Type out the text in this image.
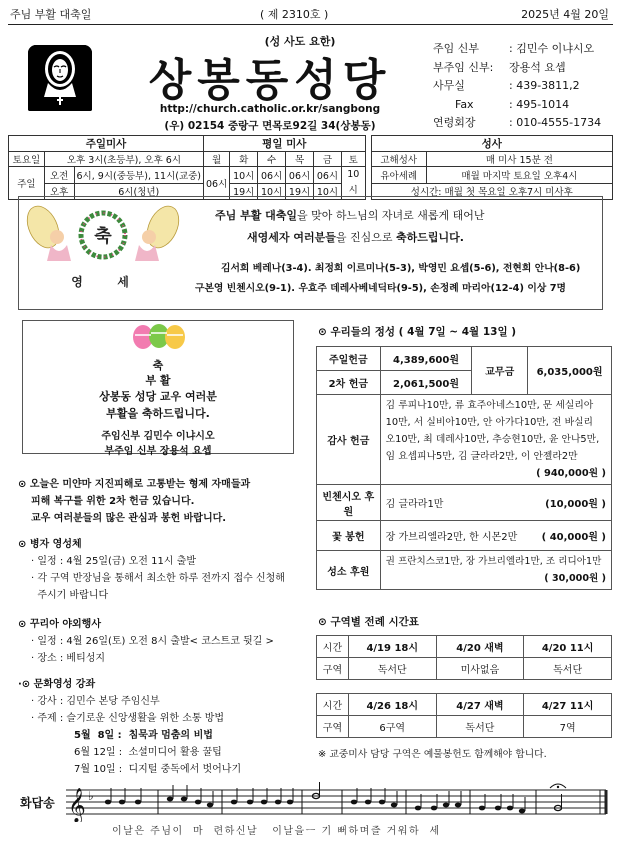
주님 부활 대축일	( 제 2310호 )	2025년 4월 20일
(성 사도 요한)
상봉동성당
http://church.catholic.or.kr/sangbong
(우) 02154 중랑구 면목로92길 34(상봉동)
주임 신부	: 김민수 이냐시오
부주임 신부: 장용석 요셉
사무실	: 439-3811,2
Fax	: 495-1014
연령회장	: 010-4555-1734
주일미사			평일 미사							성사	
토요일	오후 3시(초등부), 오후 6시		월	화	수	목	금	토		고해성사	매 미사 15분 전
주일	오전	6시, 9시(중등부), 11시(교중)	06시	10시	06시	06시	06시	10 시		유아세례	매월 마지막 토요일 오후4시
	오후	6시(청년)		19시	10시	19시	10시			성시간: 매월 첫 목요일 오후7시 미사후	
축
영	세
주님 부활 대축일을 맞아 하느님의 자녀로 새롭게 태어난
새영세자 여러분들을 진심으로 축하드립니다.
김서희 베레나(3-4). 최정희 이르미나(5-3), 박영민 요셉(5-6), 전현희 안나(8-6)
구본영 빈첸시오(9-1). 우효주 데레사베네딕타(9-5), 손정례 마리아(12-4) 이상 7명
축
부 활
상봉동 성당 교우 여러분
부활을 축하드립니다.
주임신부 김민수 이냐시오
부주임 신부 장용석 요셉
⊙ 오늘은 미얀마 지진피해로 고통받는 형제 자매들과
피해 복구를 위한 2차 헌금 있습니다.
교우 여러분들의 많은 관심과 봉헌 바랍니다.
⊙ 병자 영성체
· 일정 : 4월 25일(금) 오전 11시 출발
· 각 구역 반장님을 통해서 최소한 하루 전까지 접수 신청해
주시기 바랍니다
⊙ 꾸리아 야외행사
· 일정 : 4월 26일(토) 오전 8시 출발< 코스트코 뒷길 >
· 장소 : 베티성지
·⊙ 문화영성 강좌
· 강사 : 김민수 본당 주임신부
· 주제 : 슬기로운 신앙생활을 위한 소통 방법
5월  8일 :  침묵과 멈춤의 비법
6월 12일 :  소셜미디어 활용 꿀팁
7월 10일 :  디지털 중독에서 벗어나기
⊙ 우리들의 정성 ( 4월 7일 ~ 4월 13일 )
주일헌금	4,389,600원	교무금	6,035,000원
2차 헌금	2,061,500원		
감사 헌금	김 루피나10만, 류 효주아네스10만, 문 세실리아
10만, 서 실비아10만, 안 아가다10만, 전 바실리
오10만, 최 데레사10만, 추승현10만, 윤 안나5만,
임 요셉피나5만, 김 글라라2만, 이 안젤라2만
( 940,000원 )		

빈첸시오 후원	김 글라라1만 (10,000원 )		

꽃 봉헌	장 가브리엘라2만, 한 시몬2만 ( 40,000원 )		

성소 후원	권 프란치스코1만, 장 가브리엘라1만, 조 리디아1만
( 30,000원 )		
⊙ 구역별 전례 시간표
시간	4/19 18시	4/20 새벽	4/20 11시
구역	독서단	미사없음	독서단
시간	4/26 18시	4/27 새벽	4/27 11시
구역	6구역	독서단	7역
※ 교중미사 담당 구역은 예물봉헌도 함께해야 합니다.
화답송 𝄞 ♭
이날은 주님이  마  련하신날   이날을ㅡ 기 뻐하며즐 거워하  세
